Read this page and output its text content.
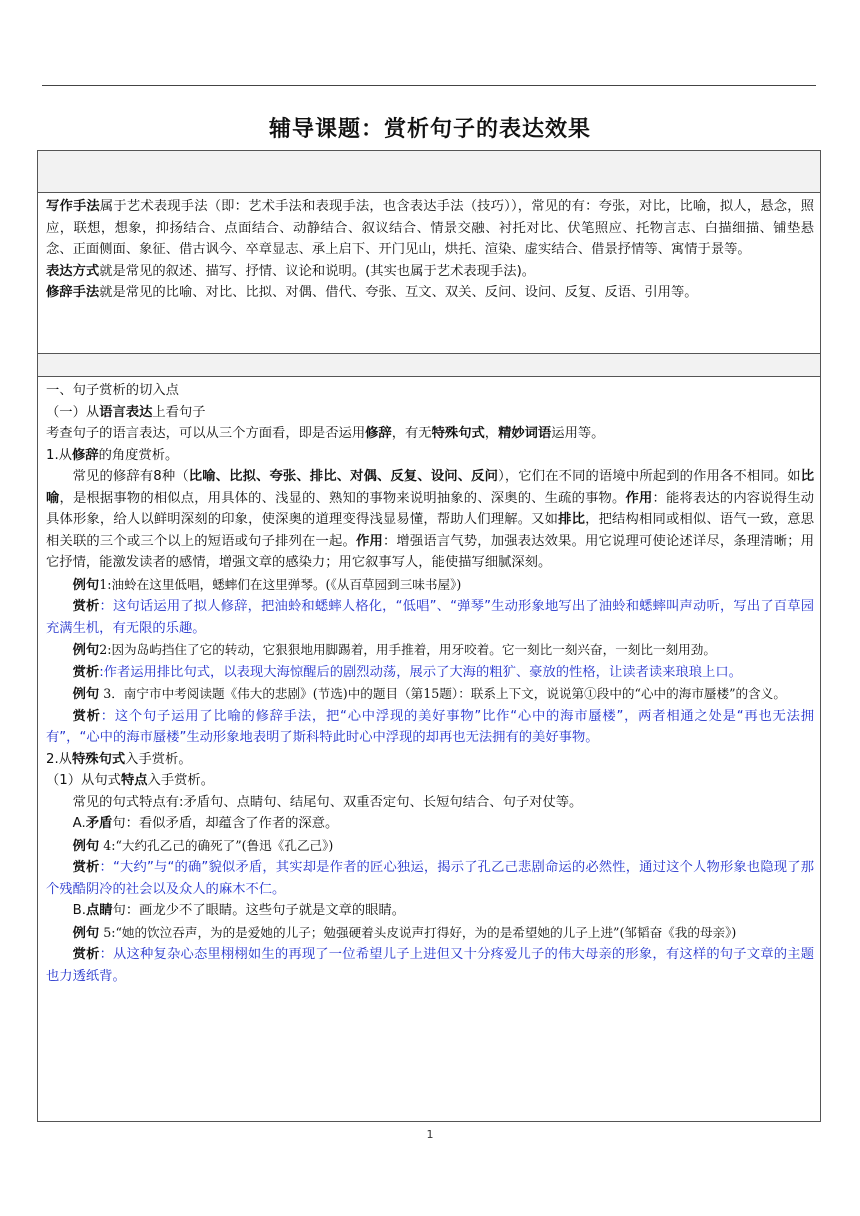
辅导课题：赏析句子的表达效果

写作手法属于艺术表现手法（即：艺术手法和表现手法，也含表达手法（技巧）），常见的有：夸张，对比，比喻，拟人，悬念，照应，联想，想象，抑扬结合、点面结合、动静结合、叙议结合、情景交融、衬托对比、伏笔照应、托物言志、白描细描、铺垫悬念、正面侧面、象征、借古讽今、卒章显志、承上启下、开门见山，烘托、渲染、虚实结合、借景抒情等、寓情于景等。

表达方式就是常见的叙述、描写、抒情、议论和说明。(其实也属于艺术表现手法)。

修辞手法就是常见的比喻、对比、比拟、对偶、借代、夸张、互文、双关、反问、设问、反复、反语、引用等。

一、句子赏析的切入点

（一）从语言表达上看句子

考查句子的语言表达，可以从三个方面看，即是否运用修辞，有无特殊句式，精妙词语运用等。

1.从修辞的角度赏析。

常见的修辞有8种（比喻、比拟、夸张、排比、对偶、反复、设问、反问），它们在不同的语境中所起到的作用各不相同。如比喻，是根据事物的相似点，用具体的、浅显的、熟知的事物来说明抽象的、深奥的、生疏的事物。作用：能将表达的内容说得生动具体形象，给人以鲜明深刻的印象，使深奥的道理变得浅显易懂，帮助人们理解。又如排比，把结构相同或相似、语气一致，意思相关联的三个或三个以上的短语或句子排列在一起。作用：增强语言气势，加强表达效果。用它说理可使论述详尽，条理清晰；用它抒情，能激发读者的感情，增强文章的感染力；用它叙事写人，能使描写细腻深刻。

例句1:油蛉在这里低唱，蟋蟀们在这里弹琴。(《从百草园到三味书屋》)

赏析：这句话运用了拟人修辞，把油蛉和蟋蟀人格化，“低唱”、“弹琴”生动形象地写出了油蛉和蟋蟀叫声动听，写出了百草园充满生机，有无限的乐趣。

例句2:因为岛屿挡住了它的转动，它狠狠地用脚踢着，用手推着，用牙咬着。它一刻比一刻兴奋，一刻比一刻用劲。

赏析:作者运用排比句式，以表现大海惊醒后的剧烈动荡，展示了大海的粗犷、豪放的性格，让读者读来琅琅上口。

例句 3．南宁市中考阅读题《伟大的悲剧》(节选)中的题目（第15题）：联系上下文，说说第①段中的“心中的海市蜃楼”的含义。

赏析：这个句子运用了比喻的修辞手法，把“心中浮现的美好事物”比作“心中的海市蜃楼”，两者相通之处是“再也无法拥有”，“心中的海市蜃楼”生动形象地表明了斯科特此时心中浮现的却再也无法拥有的美好事物。

2.从特殊句式入手赏析。

（1）从句式特点入手赏析。

常见的句式特点有:矛盾句、点睛句、结尾句、双重否定句、长短句结合、句子对仗等。

A.矛盾句：看似矛盾，却蕴含了作者的深意。

例句 4:“大约孔乙己的确死了”(鲁迅《孔乙己》)

赏析：“大约”与“的确”貌似矛盾，其实却是作者的匠心独运，揭示了孔乙己悲剧命运的必然性，通过这个人物形象也隐现了那个残酷阴冷的社会以及众人的麻木不仁。

B.点睛句：画龙少不了眼睛。这些句子就是文章的眼睛。

例句 5:“她的饮泣吞声，为的是爱她的儿子；勉强硬着头皮说声打得好，为的是希望她的儿子上进”(邹韬奋《我的母亲》)

赏析：从这种复杂心态里栩栩如生的再现了一位希望儿子上进但又十分疼爱儿子的伟大母亲的形象，有这样的句子文章的主题也力透纸背。

1
